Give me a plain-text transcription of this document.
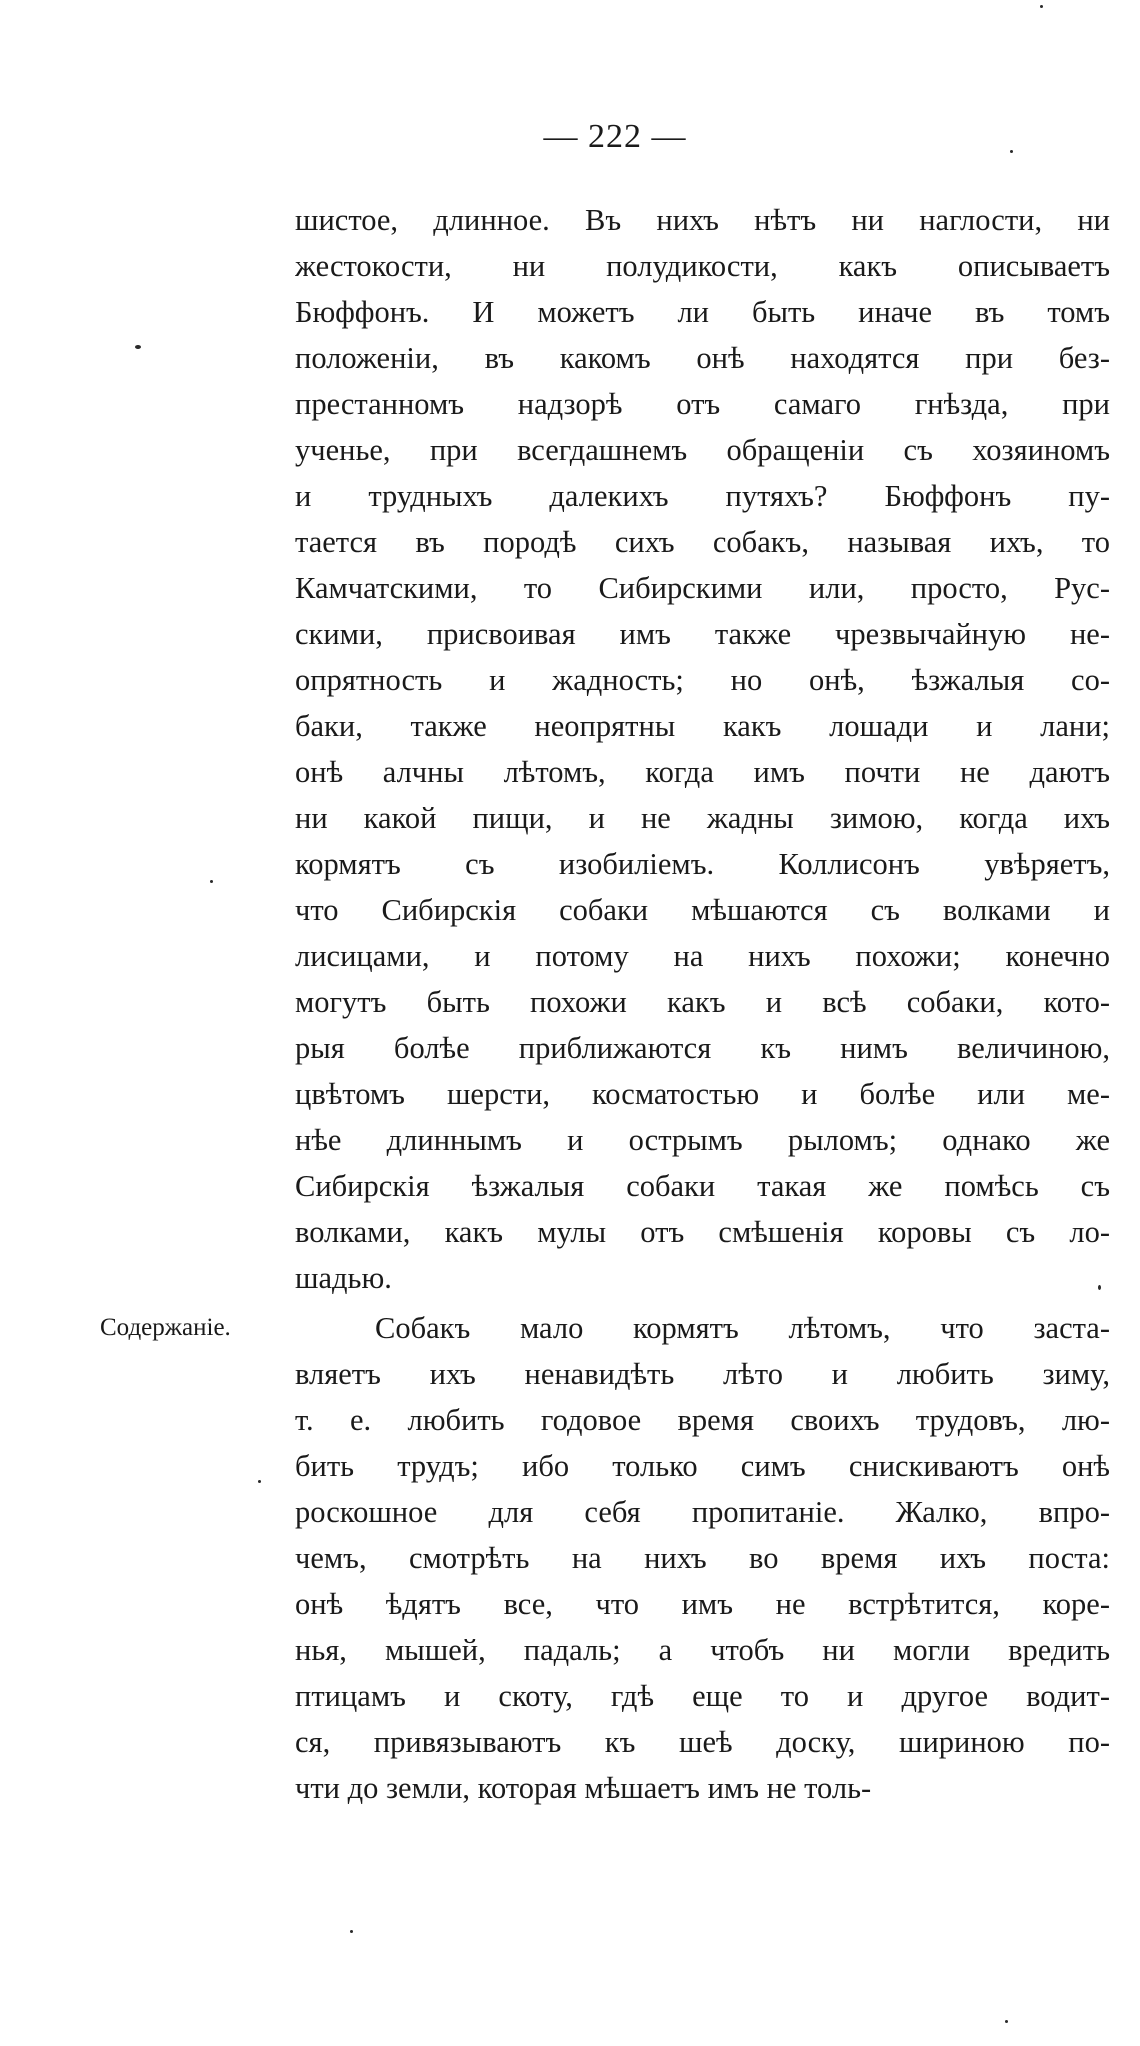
— 222 —
шистое, длинное. Въ нихъ нѣтъ ни наглости, ни
жестокости, ни полудикости, какъ описываетъ
Бюффонъ. И можетъ ли быть иначе въ томъ
положеніи, въ какомъ онѣ находятся при без-
престанномъ надзорѣ отъ самаго гнѣзда, при
ученье, при всегдашнемъ обращеніи съ хозяиномъ
и трудныхъ далекихъ путяхъ? Бюффонъ пу-
тается въ породѣ сихъ собакъ, называя ихъ, то
Камчатскими, то Сибирскими или, просто, Рус-
скими, присвоивая имъ также чрезвычайную не-
опрятность и жадность; но онѣ, ѣзжалыя со-
баки, также неопрятны какъ лошади и лани;
онѣ алчны лѣтомъ, когда имъ почти не даютъ
ни какой пищи, и не жадны зимою, когда ихъ
кормятъ съ изобиліемъ. Коллисонъ увѣряетъ,
что Сибирскія собаки мѣшаются съ волками и
лисицами, и потому на нихъ похожи; конечно
могутъ быть похожи какъ и всѣ собаки, кото-
рыя болѣе приближаются къ нимъ величиною,
цвѣтомъ шерсти, косматостью и болѣе или ме-
нѣе длиннымъ и острымъ рыломъ; однако же
Сибирскія ѣзжалыя собаки такая же помѣсь съ
волками, какъ мулы отъ смѣшенія коровы съ ло-
шадью.
Содержаніе.	Собакъ мало кормятъ лѣтомъ, что заста-
вляетъ ихъ ненавидѣть лѣто и любить зиму,
т. е. любить годовое время своихъ трудовъ, лю-
бить трудъ; ибо только симъ снискиваютъ онѣ
роскошное для себя пропитаніе. Жалко, впро-
чемъ, смотрѣть на нихъ во время ихъ поста:
онѣ ѣдятъ все, что имъ не встрѣтится, коре-
нья, мышей, падаль; а чтобъ ни могли вредить
птицамъ и скоту, гдѣ еще то и другое водит-
ся, привязываютъ къ шеѣ доску, шириною по-
чти до земли, которая мѣшаетъ имъ не толь-
